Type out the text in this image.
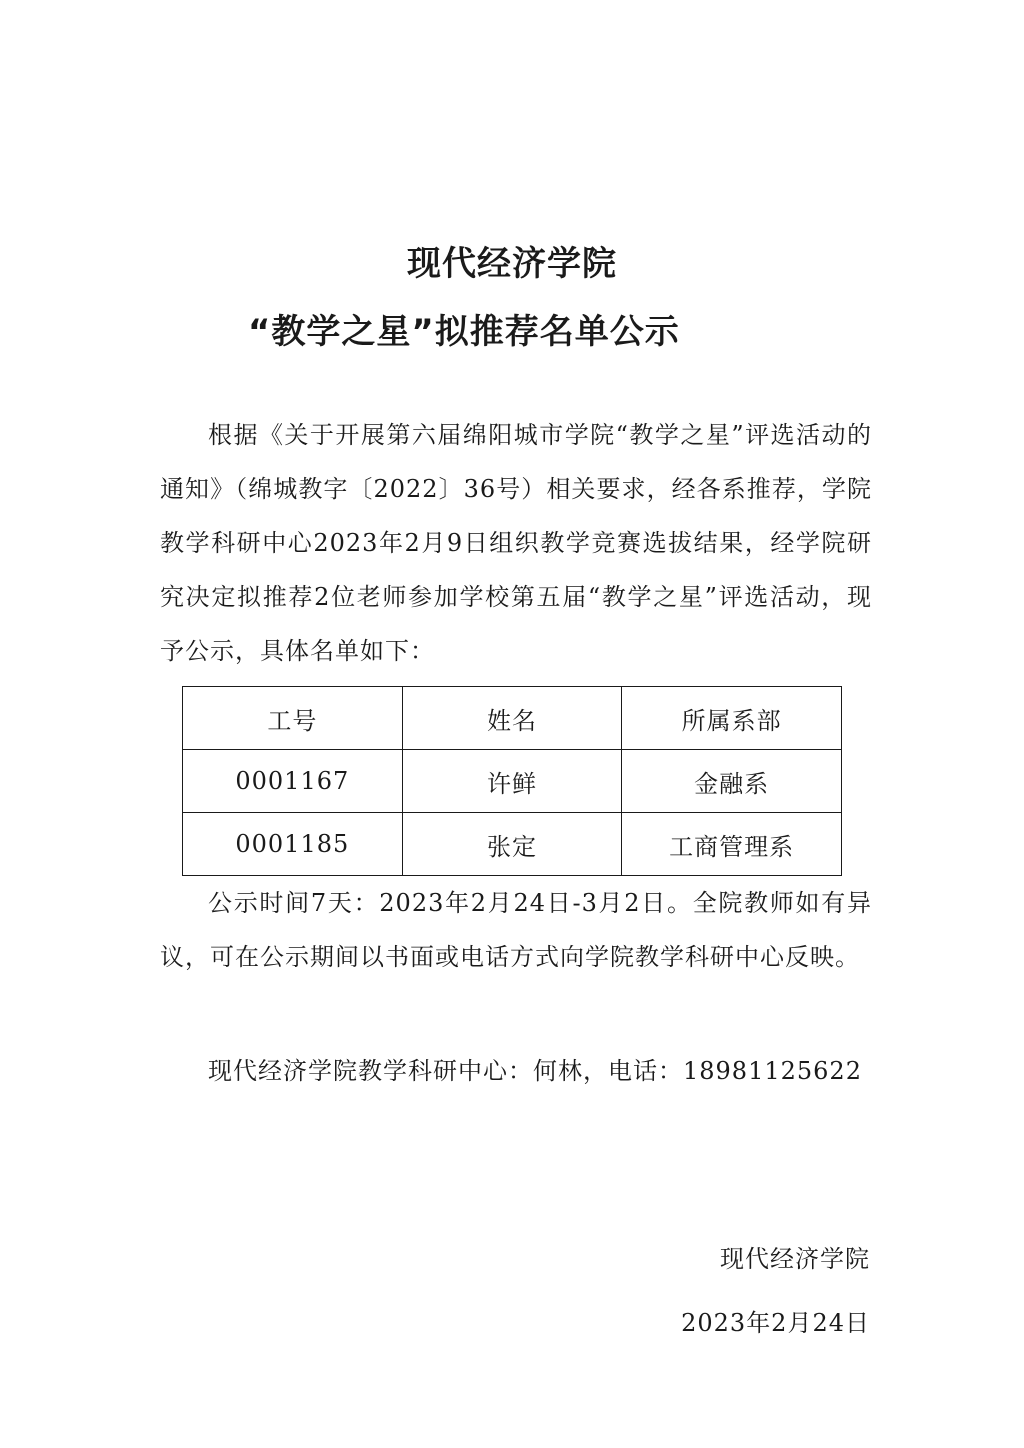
现代经济学院
“教学之星”拟推荐名单公示

根据《关于开展第六届绵阳城市学院“教学之星”评选活动的通知》（绵城教字〔2022〕36号）相关要求，经各系推荐，学院教学科研中心2023年2月9日组织教学竞赛选拔结果，经学院研究决定拟推荐2位老师参加学校第五届“教学之星”评选活动，现予公示，具体名单如下：

工号	姓名	所属系部
0001167	许鲜	金融系
0001185	张定	工商管理系

公示时间7天：2023年2月24日-3月2日。全院教师如有异议，可在公示期间以书面或电话方式向学院教学科研中心反映。

现代经济学院教学科研中心：何林，电话：18981125622

现代经济学院
2023年2月24日
